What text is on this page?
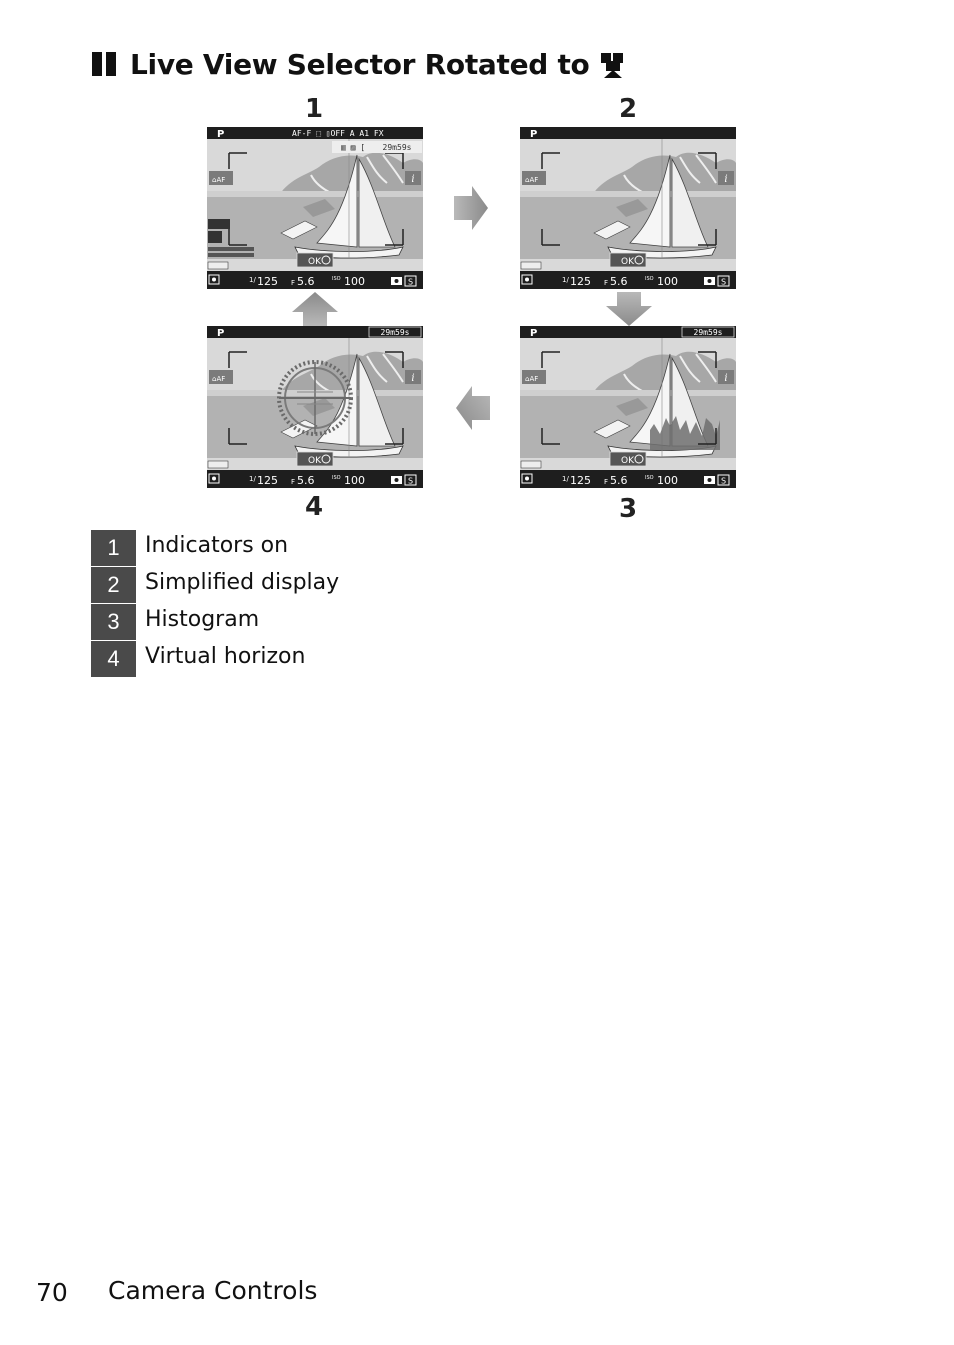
Live View Selector Rotated to
1	2
3
4
⌂AF	i
P	AF-F ⬚ ▯OFF A A1 FX
▥ ▨ [ 29m59s
OK
1/ 125 F 5.6	ISO 100	S
⌂AF	i
P
OK
1/ 125 F 5.6	ISO 100	S
⌂AF	i
P	29m59s
OK
1/ 125 F 5.6	ISO 100	S
⌂AF	i
P	29m59s
OK
1/ 125 F 5.6	ISO 100	S
1	Indicators on
2	Simplified display
3	Histogram
4	Virtual horizon
70 Camera Controls
